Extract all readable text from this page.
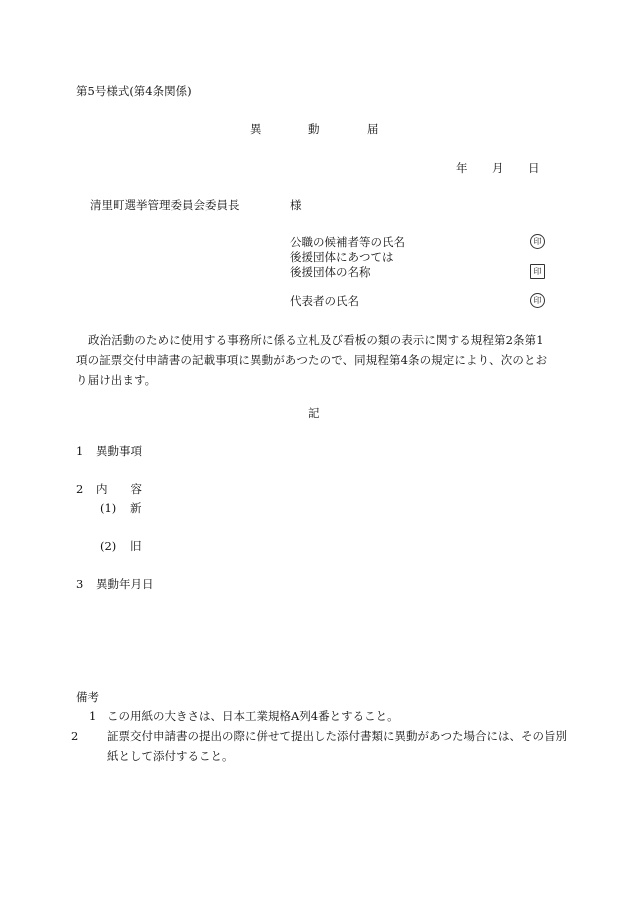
第5号様式(第4条関係)
異	動	届
年 月 日
清里町選挙管理委員会委員長	様
公職の候補者等の氏名	印
後援団体にあつては
後援団体の名称	印
代表者の氏名	印
政治活動のために使用する事務所に係る立札及び看板の類の表示に関する規程第2条第1項の証票交付申請書の記載事項に異動があつたので、同規程第4条の規定により、次のとおり届け出ます。
記
1 異動事項
2 内　　容
(1) 新
(2) 旧
3 異動年月日
備考
1 この用紙の大きさは、日本工業規格A列4番とすること。
2 証票交付申請書の提出の際に併せて提出した添付書類に異動があつた場合には、その旨別紙として添付すること。
